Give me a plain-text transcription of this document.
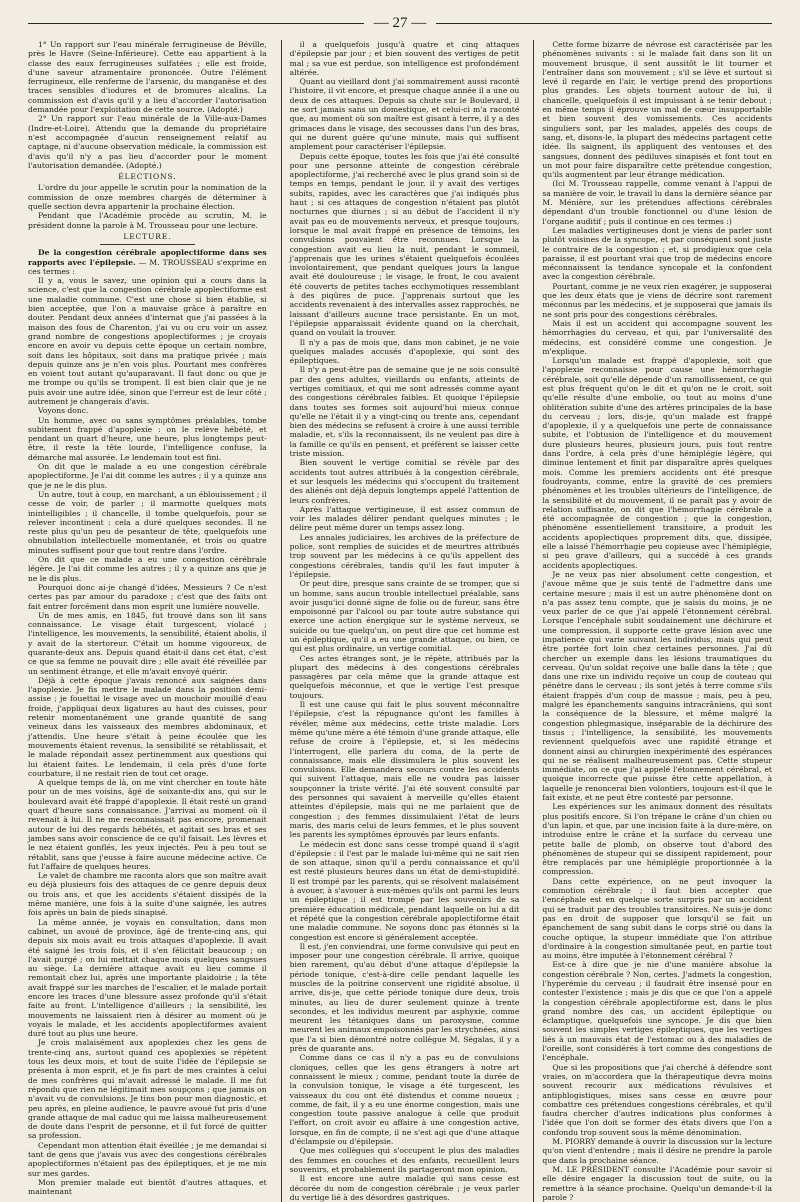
— 27 —

1° Un rapport sur l'eau minérale ferrugineuse de Béville, près le Havre (Seine-Inférieure). Cette eau appartient à la classe des eaux ferrugineuses sulfatées ; elle est froide, d'une saveur atramentaire prononcée. Outre l'élément ferrugineux, elle renferme de l'arsenic, du manganèse et des traces sensibles d'iodures et de bromures alcalins. La commission est d'avis qu'il y a lieu d'accorder l'autorisation demandée pour l'exploitation de cette source. (Adopté.)

2° Un rapport sur l'eau minérale de la Ville-aux-Dames (Indre-et-Loire). Attendu que la demande du propriétaire n'est accompagnée d'aucun renseignement relatif au captage, ni d'aucune observation médicale, la commission est d'avis qu'il n'y a pas lieu d'accorder pour le moment l'autorisation demandée. (Adopté.)

ÉLECTIONS.

L'ordre du jour appelle le scrutin pour la nomination de la commission de onze membres chargés de déterminer à quelle section devra appartenir la prochaine élection.

Pendant que l'Académie procède au scrutin, M. le président donne la parole à M. Trousseau pour une lecture.

LECTURE.

De la congestion cérébrale apoplectiforme dans ses rapports avec l'épilepsie. — M. TROUSSEAU s'exprime en ces termes :

Il y a, vous le savez, une opinion qui a cours dans la science, c'est que la congestion cérébrale apoplectiforme est une maladie commune. C'est une chose si bien établie, si bien acceptée, que l'on a mauvaise grâce à paraître en douter. Pendant deux années d'internat que j'ai passées à la maison des fous de Charenton, j'ai vu ou cru voir un assez grand nombre de congestions apoplectiformes ; je croyais encore en avoir vu depuis cette époque un certain nombre, soit dans les hôpitaux, soit dans ma pratique privée ; mais depuis quinze ans je n'en vois plus. Pourtant mes confrères en voient tout autant qu'auparavant. Il faut donc ou que je me trompe ou qu'ils se trompent. Il est bien clair que je ne puis avoir une autre idée, sinon que l'erreur est de leur côté ; autrement je changerais d'avis.

Voyons donc.

Un homme, avec ou sans symptômes préalables, tombe subitement frappé d'apoplexie : on le relève hébété, et pendant un quart d'heure, une heure, plus longtemps peut-être, il reste la tête lourde, l'intelligence confuse, la démarche mal assurée. Le lendemain tout est fini.

On dit que le malade a eu une congestion cérébrale apoplectiforme. Je l'ai dit comme les autres ; il y a quinze ans que je ne le dis plus.

Un autre, tout à coup, en marchant, a un éblouissement ; il cesse de voir, de parler ; il marmotte quelques mots inintelligibles ; il chancelle, il tombe quelquefois, pour se relever incontinent : cela a duré quelques secondes. Il ne reste plus qu'un peu de pesanteur de tête, quelquefois une obnubilation intellectuelle momentanée, et trois ou quatre minutes suffisent pour que tout rentre dans l'ordre.

On dit que ce malade a eu une congestion cérébrale légère. Je l'ai dit comme les autres ; il y a quinze ans que je ne le dis plus.

Pourquoi donc ai-je changé d'idées, Messieurs ? Ce n'est certes pas par amour du paradoxe ; c'est que des faits ont fait entrer forcément dans mon esprit une lumière nouvelle.

Un de mes amis, en 1845, fut trouvé dans son lit sans connaissance. Le visage était turgescent, violacé ; l'intelligence, les mouvements, la sensibilité, étaient abolis, il y avait de la stertoreur. C'était un homme vigoureux, de quarante-deux ans. Depuis quand était-il dans cet état, c'est ce que sa femme ne pouvait dire ; elle avait été réveillée par un sentiment étrange, et elle m'avait envoyé quérir.

Déjà à cette époque j'avais renoncé aux saignées dans l'apoplexie. Je fis mettre le malade dans la position demi-assise ; je fouettai le visage avec un mouchoir mouillé d'eau froide, j'appliquai deux ligatures au haut des cuisses, pour retenir momentanément une grande quantité de sang veineux dans les vaisseaux des membres abdominaux, et j'attendis. Une heure s'était à peine écoulée que les mouvements étaient revenus, la sensibilité se rétablissait, et le malade répondait assez pertinemment aux questions qui lui étaient faites. Le lendemain, il cela près d'une forte courbature, il ne restait rien de tout cet orage.

A quelque temps de là, on me vint chercher en toute hâte pour un de mes voisins, âgé de soixante-dix ans, qui sur le boulevard avait été frappé d'apoplexie. Il était resté un grand quart d'heure sans connaissance. J'arrivai au moment où il revenait à lui. Il ne me reconnaissait pas encore, promenait autour de lui des regards hébétés, et agitait ses bras et ses jambes sans avoir conscience de ce qu'il faisait. Les lèvres et le nez étaient gonflés, les yeux injectés. Peu à peu tout se rétablit, sans que j'eusse à faire aucune médecine active. Ce fut l'affaire de quelques heures.

Le valet de chambre me raconta alors que son maître avait eu déjà plusieurs fois des attaques de ce genre depuis deux ou trois ans, et que les accidents s'étaient dissipés de la même manière, une fois à la suite d'une saignée, les autres fois après un bain de pieds sinapisé.

La même année, je voyais en consultation, dans mon cabinet, un avoué de province, âgé de trente-cinq ans, qui depuis six mois avait eu trois attaques d'apoplexie. Il avait été saigné les trois fois, et il s'en félicitait beaucoup ; on l'avait purgé ; on lui mettait chaque mois quelques sangsues au siège. La dernière attaque avait eu lieu comme il remontait chez lui, après une importante plaidoirie ; la tête avait frappé sur les marches de l'escalier, et le malade portait encore les traces d'une blessure assez profonde qu'il s'était faite au front. L'intelligence d'ailleurs ; la sensibilité, les mouvements ne laissaient rien à désirer au moment où je voyais le malade, et les accidents apoplectiformes avaient duré tout au plus une heure.

Je crois malaisément aux apoplexies chez les gens de trente-cinq ans, surtout quand ces apoplexies se répètent tous les deux mois, et tout de suite l'idée de l'épilepsie se présenta à mon esprit, et je fis part de mes craintes à celui de mes confrères qui m'avait adressé le malade. Il me fut répondu que rien ne légitimait mes soupçons ; que jamais on n'avait vu de convulsions. Je tins bon pour mon diagnostic, et peu après, en pleine audience, le pauvre avoué fut pris d'une grande attaque de mal caduc qui me laissa malheureusement de doute dans l'esprit de personne, et il fut forcé de quitter sa profession.

Cependant mon attention était éveillée ; je me demandai si tant de gens que j'avais vus avec des congestions cérébrales apoplectiformes n'étaient pas des épileptiques, et je me mis sur mes gardes.

Mon premier malade eut bientôt d'autres attaques, et maintenant

il a quelquefois jusqu'à quatre et cinq attaques d'épilepsie par jour ; et bien souvent des vertiges de petit mal ; sa vue est perdue, son intelligence est profondément altérée.

Quant au vieillard dont j'ai sommairement aussi raconté l'histoire, il vit encore, et presque chaque année il a une ou deux de ces attaques. Depuis sa chute sur le Boulevard, il ne sort jamais sans un domestique, et celui-ci m'a raconté que, au moment où son maître est gisant à terre, il y a des grimaces dans le visage, des secousses dans l'un des bras, qui ne durent guère qu'une minute, mais qui suffisent amplement pour caractériser l'épilepsie.

Depuis cette époque, toutes les fois que j'ai été consulté pour une personne atteinte de congestion cérébrale apoplectiforme, j'ai recherché avec le plus grand soin si de temps en temps, pendant le jour, il y avait des vertiges subits, rapides, avec les caractères que j'ai indiqués plus haut ; si ces attaques de congestion n'étaient pas plutôt nocturnes que diurnes ; si au début de l'accident il n'y avait pas eu de mouvements nerveux, et presque toujours, lorsque le mal avait frappé en présence de témoins, les convulsions pouvaient être reconnues. Lorsque la congestion avait eu lieu la nuit, pendant le sommeil, j'apprenais que les urines s'étaient quelquefois écoulées involontairement, que pendant quelques jours la langue avait été douloureuse ; le visage, le front, le cou avaient été couverts de petites taches ecchymotiques ressemblant à des piqûres de puce. J'apprenais surtout que les accidents revenaient à des intervalles assez rapprochés, ne laissant d'ailleurs aucune trace persistante. En un mot, l'épilepsie apparaissait évidente quand on la cherchait, quand on voulait la trouver.

Il n'y a pas de mois que, dans mon cabinet, je ne voie quelques malades accusés d'apoplexie, qui sont des épileptiques.

Il n'y a peut-être pas de semaine que je ne sois consulté par des gens adultes, vieillards ou enfants, atteints de vertiges comitiaux, et qui me sont adressés comme ayant des congestions cérébrales faibles. Et quoique l'épilepsie dans toutes ses formes soit aujourd'hui mieux connue qu'elle ne l'était il y a vingt-cinq ou trente ans, cependant bien des médecins se refusent à croire à une aussi terrible maladie, et, s'ils la reconnaissent, ils ne veulent pas dire à la famille ce qu'ils en pensent, et préfèrent se laisser cette triste mission.

Bien souvent le vertige comitial se révèle par des accidents tout autres attribués à la congestion cérébrale, et sur lesquels les médecins qui s'occupent du traitement des aliénés ont déjà depuis longtemps appelé l'attention de leurs confrères.

Après l'attaque vertigineuse, il est assez commun de voir les malades délirer pendant quelques minutes ; le délire peut même durer un temps assez long.

Les annales judiciaires, les archives de la préfecture de police, sont remplies de suicides et de meurtres attribués trop souvent par les médecins à ce qu'ils appellent des congestions cérébrales, tandis qu'il les faut imputer à l'épilepsie.

Or peut dire, presque sans crainte de se tromper, que si un homme, sans aucun trouble intellectuel préalable, sans avoir jusqu'ici donné signe de folie ou de fureur, sans être empoisonné par l'alcool ou par toute autre substance qui exerce une action énergique sur le système nerveux, se suicide ou tue quelqu'un, on peut dire que cet homme est un épileptique, qu'il a eu une grande attaque, ou bien, ce qui est plus ordinaire, un vertige comitial.

Ces actes étranges sont, je le répète, attribués par la plupart des médecins à des congestions cérébrales passagères par cela même que la grande attaque est quelquefois méconnue, et que le vertige l'est presque toujours.

Il est une cause qui fait le plus souvent méconnaître l'épilepsie, c'est la répugnance qu'ont les familles à révéler, même aux médecins, cette triste maladie. Lors même qu'une mère a été témoin d'une grande attaque, elle refuse de croire à l'épilepsie, et, si les médecins l'interrogent, elle parlera du coma, de la perte de connaissance, mais elle dissimulera le plus souvent les convulsions. Elle demandera secours contre les accidents qui suivent l'attaque, mais elle ne voudra pas laisser soupçonner la triste vérité. J'ai été souvent consulté par des personnes qui savaient à merveille qu'elles étaient atteintes d'épilepsie, mais qui ne me parlaient que de congestion ; des femmes dissimulaient l'état de leurs maris, des maris celui de leurs femmes, et le plus souvent les parents les symptômes éprouvés par leurs enfants.

Le médecin est donc sans cesse trompé quand il s'agit d'épilepsie : il l'est par le malade lui-même qui ne sait rien de son attaque, sinon qu'il a perdu connaissance et qu'il est resté plusieurs heures dans un état de demi-stupidité. Il est trompé par les parents, qui se résolvent malaisément à avouer, à s'avouer à eux-mêmes qu'ils ont parmi les leurs un épileptique ; il est trompé par les souvenirs de sa première éducation médicale, pendant laquelle on lui a dit et répété que la congestion cérébrale apoplectiforme était une maladie commune. Ne soyons donc pas étonnés si la congestion est encore si généralement acceptée.

Il est, j'en conviendrai, une forme convulsive qui peut en imposer pour une congestion cérébrale. Il arrive, quoique bien rarement, qu'au début d'une attaque d'épilepsie la période tonique, c'est-à-dire celle pendant laquelle les muscles de la poitrine conservent une rigidité absolue, il arrive, dis-je, que cette période tonique dure deux, trois minutes, au lieu de durer seulement quinze à trente secondes, et les individus meurent par asphyxie, comme meurent les tétaniques dans un paroxysme, comme meurent les animaux empoisonnés par les strychnées, ainsi que l'a si bien démontré notre collègue M. Ségalas, il y a près de quarante ans.

Comme dans ce cas il n'y a pas eu de convulsions cloniques, celles que les gens étrangers à notre art connaissent le mieux ; comme, pendant toute la durée de la convulsion tonique, le visage a été turgescent, les vaisseaux du cou ont été distendus et comme noueux ; comme, de fait, il y a eu une énorme congestion, mais une congestion toute passive analogue à celle que produit l'effort, on croit avoir eu affaire à une congestion active, lorsque, en fin de compte, il ne s'est agi que d'une attaque d'éclampsie ou d'épilepsie.

Que mes collègues qui s'occupent le plus des maladies des femmes en couches et des enfants, recueillent leurs souvenirs, et probablement ils partageront mon opinion.

Il est encore une autre maladie qui sans cesse est décorée du nom de congestion cérébrale ; je veux parler du vertige lié à des désordres gastriques.

Cette forme bizarre de névrose est caractérisée par les phénomènes suivants : si le malade fait dans son lit un mouvement brusque, il sent aussitôt le lit tourner et l'entraîner dans son mouvement ; s'il se lève et surtout si levé il regarde en l'air, le vertige prend des proportions plus grandes. Les objets tournent autour de lui, il chancelle, quelquefois il est impuissant à se tenir debout ; en même temps il éprouve un mal de cœur insupportable et bien souvent des vomissements. Ces accidents singuliers sont, par les malades, appelés des coups de sang, et, disons-le, la plupart des médecins partagent cette idée. Ils saignent, ils appliquent des ventouses et des sangsues, donnent des pédiluves sinapisés et font tout en un mot pour faire disparaître cette prétendue congestion, qu'ils augmentent par leur étrange médication.

(Ici M. Trousseau rappelle, comme venant à l'appui de sa manière de voir, le travail lu dans la dernière séance par M. Ménière, sur les prétendues affections cérébrales dépendant d'un trouble fonctionnel ou d'une lésion de l'organe auditif ; puis il continue en ces termes :)

Les maladies vertigineuses dont je viens de parler sont plutôt voisines de la syncope, et par conséquent sont juste le contraire de la congestion ; et, si prodigieux que cela paraisse, il est pourtant vrai que trop de médecins encore méconnaissent la tendance syncopale et la confondent avec la congestion cérébrale.

Pourtant, comme je ne veux rien exagérer, je supposerai que les deux états que je viens de décrire sont rarement méconnus par les médecins, et je supposerai que jamais ils ne sont pris pour des congestions cérébrales.

Mais il est un accident qui accompagne souvent les hémorrhagies du cerveau, et qui, par l'universalité des médecins, est considéré comme une congestion. Je m'explique.

Lorsqu'un malade est frappé d'apoplexie, soit que l'apoplexie reconnaisse pour cause une hémorrhagie cérébrale, soit qu'elle dépende d'un ramollissement, ce qui est plus fréquent qu'on le dit et qu'on ne le croit, soit qu'elle résulte d'une embolie, ou tout au moins d'une oblitération subite d'une des artères principales de la base du cerveau ; lors, dis-je, qu'un malade est frappé d'apoplexie, il y a quelquefois une perte de connaissance subite, et l'obtusion de l'intelligence et du mouvement dure plusieurs heures, plusieurs jours, puis tout rentre dans l'ordre, à cela près d'une hémiplégie légère, qui diminue lentement et finit par disparaître après quelques mois. Comme les premiers accidents ont été presque foudroyants, comme, entre la gravité de ces premiers phénomènes et les troubles ultérieurs de l'intelligence, de la sensibilité et du mouvement, il ne paraît pas y avoir de relation suffisante, on dit que l'hémorrhagie cérébrale a été accompagnée de congestion ; que la congestion, phénomène essentiellement transitoire, a produit les accidents apoplectiques proprement dits, que, dissipée, elle a laissé l'hémorrhagie peu copieuse avec l'hémiplégie, si peu grave d'ailleurs, qui a succédé à ces grands accidents apoplectiques.

Je ne veux pas nier absolument cette congestion, et j'avoue même que je suis tenté de l'admettre dans une certaine mesure ; mais il est un autre phénomène dont on n'a pas assez tenu compte, que je saisis du moins, je ne veux parler de ce que j'ai appelé l'étonnement cérébral. Lorsque l'encéphale subit soudainement une déchirure et une compression, il supporte cette grave lésion avec une impatience qui varie suivant les individus, mais qui peut être portée fort loin chez certaines personnes. J'ai dû chercher un exemple dans les lésions traumatiques du cerveau. Qu'un soldat reçoive une balle dans la tête ; que dans une rixe un individu reçoive un coup de couteau qui pénètre dans le cerveau ; ils sont jetés à terre comme s'ils étaient frappés d'un coup de massue ; mais, peu à peu, malgré les épanchements sanguins intracrâniens, qui sont la conséquence de la blessure, et même malgré la congestion phlegmasique, inséparable de la déchirure des tissus ; l'intelligence, la sensibilité, les mouvements reviennent quelquefois avec une rapidité étrange et donnent ainsi au chirurgien inexpérimenté des espérances qui ne se réalisent malheureusement pas. Cette stupeur immédiate, on ce que j'ai appelé l'étonnement cérébral, et quoique incorrecte que puisse être cette appellation, à laquelle je renoncerai bien volontiers, toujours est-il que le fait existe, et ne peut être contesté par personne.

Les expériences sur les animaux donnent des résultats plus positifs encore. Si l'on trépane le crâne d'un chien ou d'un lapin, et que, par une incision faite à la dure-mère, on introduise entre le crâne et la surface du cerveau une petite balle de plomb, on observe tout d'abord des phénomènes de stupeur qui se dissipent rapidement, pour être remplacés par une hémiplégie proportionnée à la compression.

Dans cette expérience, on ne peut invoquer la commotion cérébrale ; il faut bien accepter que l'encéphale est en quelque sorte surpris par un accident qui se traduit par des troubles transitoires. Ne suis-je donc pas en droit de supposer que lorsqu'il se fait un épanchement de sang subit dans le corps strié ou dans la couche optique, la stupeur immédiate que l'on attribue d'ordinaire à la congestion simultanée peut, en partie tout au moins, être imputée à l'étonnement cérébral ?

Est-ce à dire que je nie d'une manière absolue la congestion cérébrale ? Non, certes. J'admets la congestion, l'hyperémie du cerveau ; il faudrait être insensé pour en contester l'existence ; mais je dis que ce que l'on a appelé la congestion cérébrale apoplectiforme est, dans le plus grand nombre des cas, un accident épileptique ou éclamptique, quelquefois une syncope. Je dis que bien souvent les simples vertiges épileptiques, que les vertiges liés à un mauvais état de l'estomac ou à des maladies de l'oreille, sont considérés à tort comme des congestions de l'encéphale.

Que si les propositions que j'ai cherché à défendre sont vraies, on m'accordera que la thérapeutique devra moins souvent recourir aux médications révulsives et antiphlogistiques, mises sans cesse en œuvre pour combattre ces prétendues congestions cérébrales, et qu'il faudra chercher d'autres indications plus conformes à l'idée que l'on doit se former des états divers que l'on a confondu trop souvent sous la même dénomination.

M. PIORRY demande à ouvrir la discussion sur la lecture qu'on vient d'entendre ; mais il désire ne prendre la parole que dans la prochaine séance.

M. LE PRÉSIDENT consulte l'Académie pour savoir si elle désire engager la discussion tout de suite, ou la remettre à la séance prochaine. Quelqu'un demande-t-il la parole ?
